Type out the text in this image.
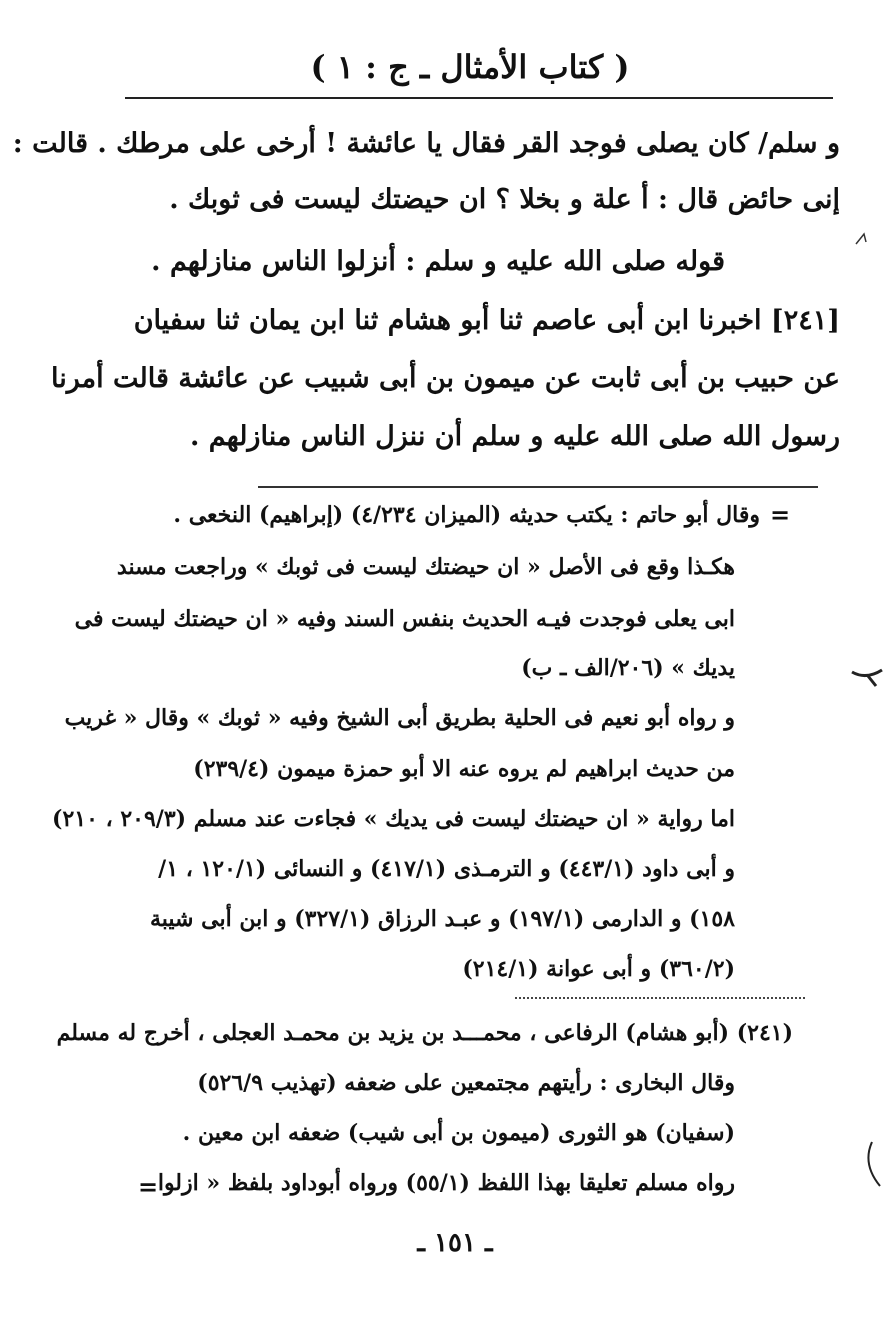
( كتاب الأمثال ـ ج : ١ )
و سلم/ كان يصلى فوجد القر فقال يا عائشة ! أرخى على مرطك . قالت :
إنى حائض قال : أ علة و بخلا ؟ ان حيضتك ليست فى ثوبك .
قوله صلى الله عليه و سلم : أنزلوا الناس منازلهم .
[٢٤١] اخبرنا ابن أبى عاصم ثنا أبو هشام ثنا ابن يمان ثنا سفيان
عن حبيب بن أبى ثابت عن ميمون بن أبى شبيب عن عائشة قالت أمرنا
رسول الله صلى الله عليه و سلم أن ننزل الناس منازلهم .
=
وقال أبو حاتم : يكتب حديثه (الميزان ٤/٢٣٤) (إبراهيم) النخعى .
هكـذا وقع فى الأصل « ان حيضتك ليست فى ثوبك » وراجعت مسند
ابى يعلى فوجدت فيـه الحديث بنفس السند وفيه « ان حيضتك ليست فى
يديك » (٢٠٦/الف ـ ب)
و رواه أبو نعيم فى الحلية بطريق أبى الشيخ وفيه « ثوبك » وقال « غريب
من حديث ابراهيم لم يروه عنه الا أبو حمزة ميمون (٢٣٩/٤)
اما رواية « ان حيضتك ليست فى يديك » فجاءت عند مسلم (٢٠٩/٣ ، ٢١٠)
و أبى داود (٤٤٣/١) و الترمـذى (٤١٧/١) و النسائى (١٢٠/١ ، ١/
١٥٨) و الدارمى (١٩٧/١) و عبـد الرزاق (٣٢٧/١) و ابن أبى شيبة
(٣٦٠/٢) و أبى عوانة (٢١٤/١)
(٢٤١) (أبو هشام) الرفاعى ، محمـــد بن يزيد بن محمـد العجلى ، أخرج له مسلم
وقال البخارى : رأيتهم مجتمعين على ضعفه (تهذيب ٥٢٦/٩)
(سفيان) هو الثورى (ميمون بن أبى شيب) ضعفه ابن معين .
رواه مسلم تعليقا بهذا اللفظ (٥٥/١) ورواه أبوداود بلفظ « ازلوا
=
ـ ١٥١ ـ
